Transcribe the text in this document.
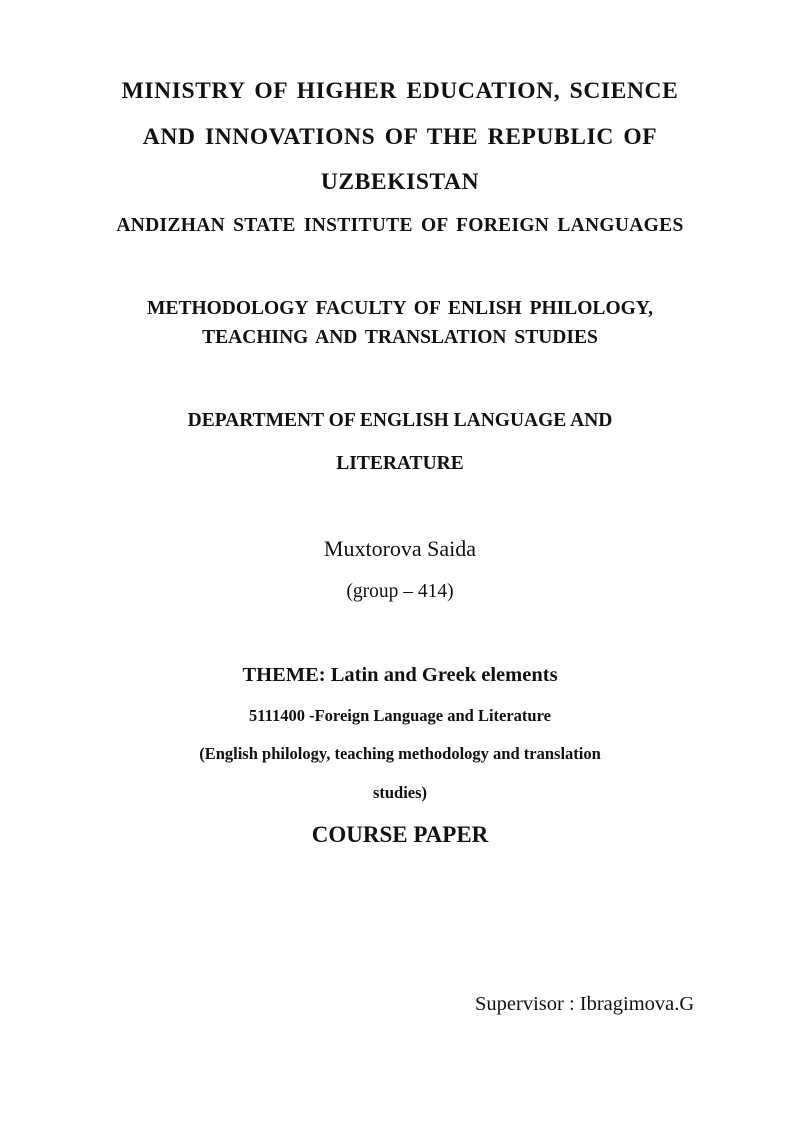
MINISTRY OF HIGHER EDUCATION, SCIENCE
AND INNOVATIONS OF THE REPUBLIC OF
UZBEKISTAN
ANDIZHAN STATE INSTITUTE OF FOREIGN LANGUAGES
METHODOLOGY FACULTY OF ENLISH PHILOLOGY,
TEACHING AND TRANSLATION STUDIES
DEPARTMENT OF ENGLISH LANGUAGE AND
LITERATURE
Muxtorova Saida
(group – 414)
THEME: Latin and Greek elements
5111400 -Foreign Language and Literature
(English philology, teaching methodology and translation
studies)
COURSE PAPER
Supervisor : Ibragimova.G
